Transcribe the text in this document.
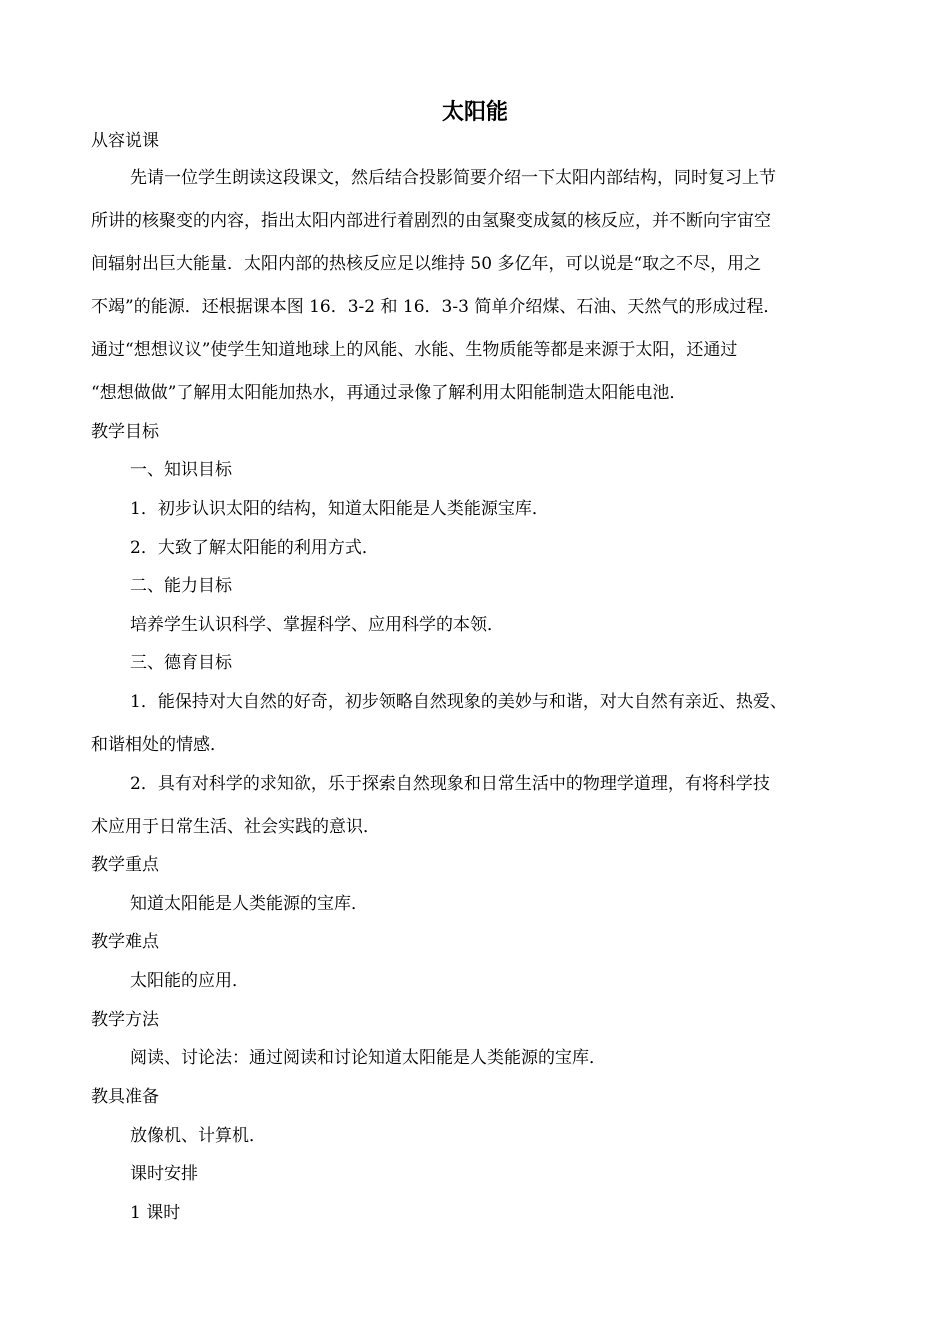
太阳能
从容说课
先请一位学生朗读这段课文，然后结合投影简要介绍一下太阳内部结构，同时复习上节
所讲的核聚变的内容，指出太阳内部进行着剧烈的由氢聚变成氦的核反应，并不断向宇宙空
间辐射出巨大能量．太阳内部的热核反应足以维持 50 多亿年，可以说是“取之不尽，用之
不竭”的能源．还根据课本图 16．3-2 和 16．3-3 简单介绍煤、石油、天然气的形成过程．
通过“想想议议”使学生知道地球上的风能、水能、生物质能等都是来源于太阳，还通过
“想想做做”了解用太阳能加热水，再通过录像了解利用太阳能制造太阳能电池．
教学目标
一、知识目标
1．初步认识太阳的结构，知道太阳能是人类能源宝库．
2．大致了解太阳能的利用方式．
二、能力目标
培养学生认识科学、掌握科学、应用科学的本领．
三、德育目标
1．能保持对大自然的好奇，初步领略自然现象的美妙与和谐，对大自然有亲近、热爱、
和谐相处的情感．
2．具有对科学的求知欲，乐于探索自然现象和日常生活中的物理学道理，有将科学技
术应用于日常生活、社会实践的意识．
教学重点
知道太阳能是人类能源的宝库．
教学难点
太阳能的应用．
教学方法
阅读、讨论法：通过阅读和讨论知道太阳能是人类能源的宝库．
教具准备
放像机、计算机．
课时安排
1 课时
